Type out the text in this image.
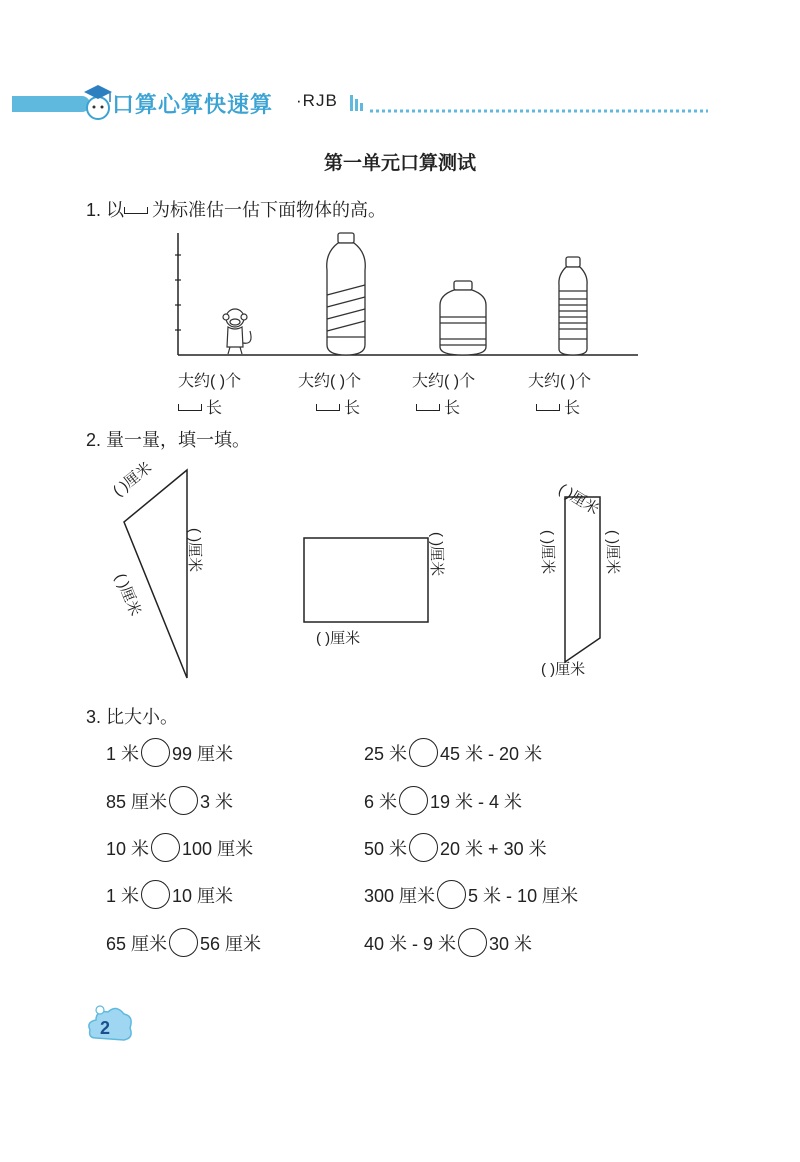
口算心算快速算 ·RJB
第一单元口算测试
1. 以 为标准估一估下面物体的高。
大约( )个
长
大约( )个
长
大约( )个
长
大约( )个
长
2. 量一量，填一填。
( )厘米
( )厘米
( )厘米
( )厘米
( )厘米
( )厘米
( )厘米	( )厘米
( )厘米
3. 比大小。
1 米 99 厘米	25 米 45 米 - 20 米
85 厘米 3 米	6 米 19 米 - 4 米
10 米 100 厘米	50 米 20 米 + 30 米
1 米 10 厘米	300 厘米 5 米 - 10 厘米
65 厘米 56 厘米	40 米 - 9 米 30 米
2
